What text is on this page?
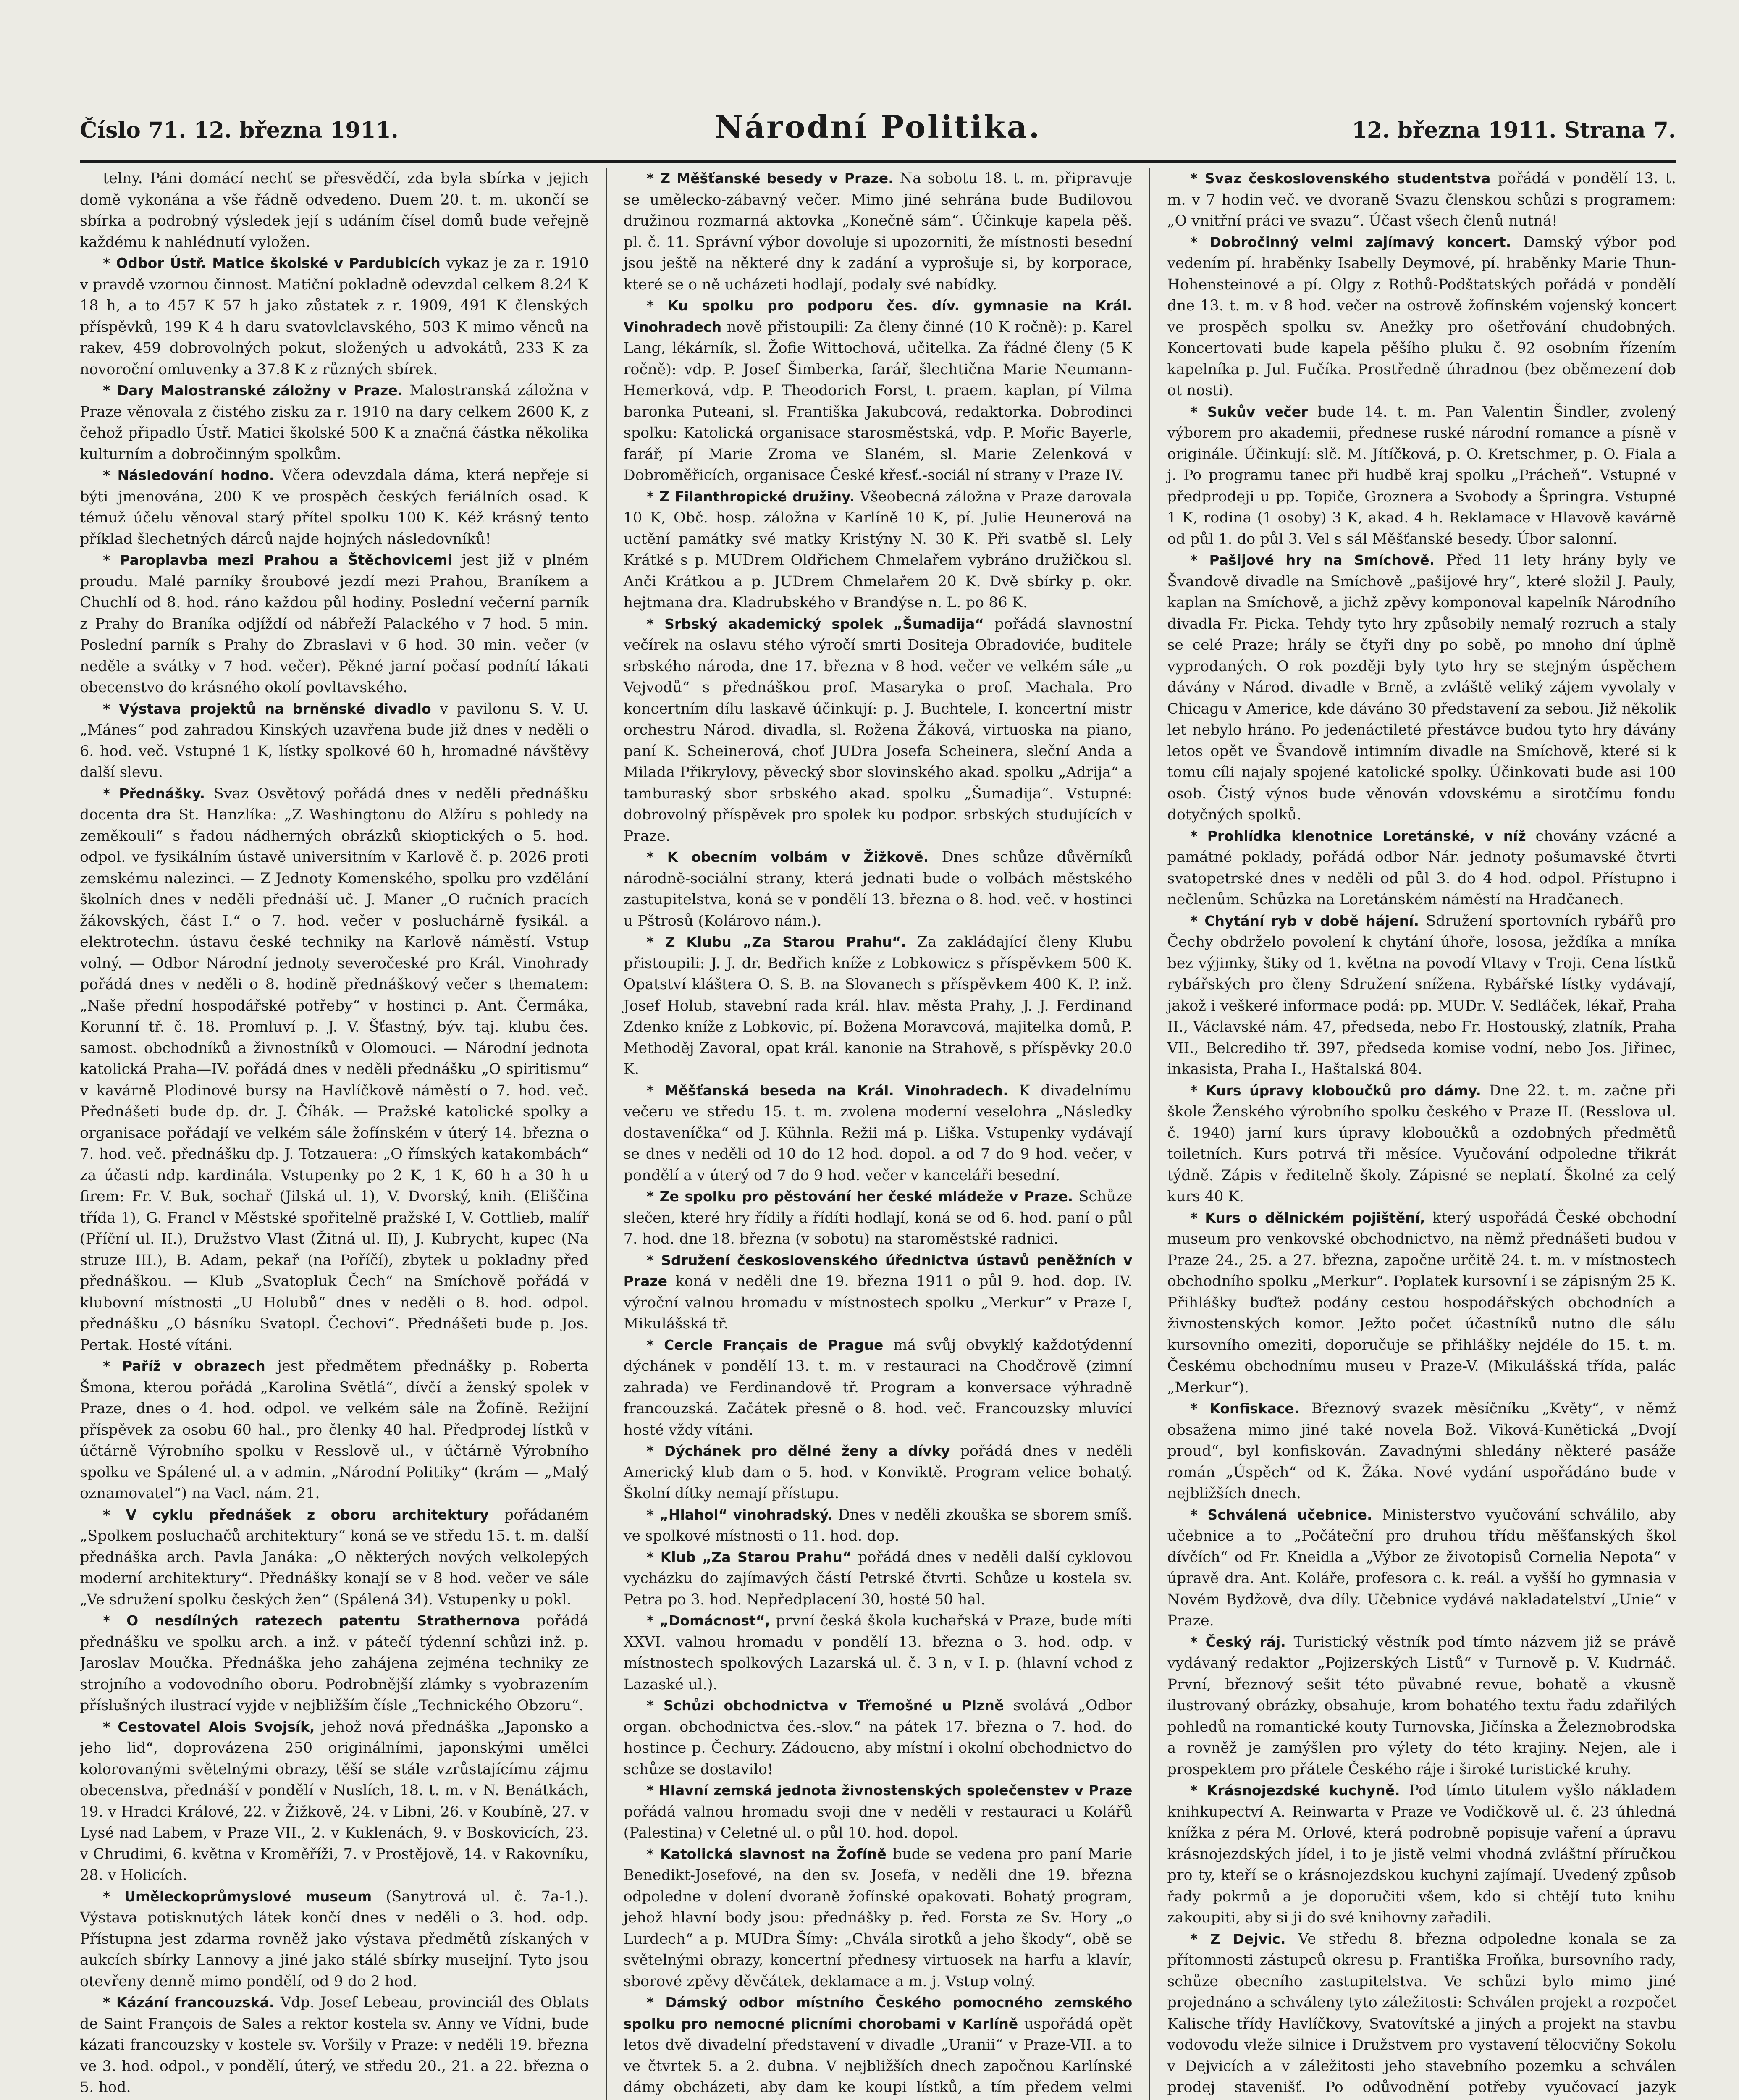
Číslo 71. 12. března 1911.	Národní Politika.	12. března 1911. Strana 7.

telny. Páni domácí nechť se přesvědčí, zda byla sbírka v jejich domě vykonána a vše řádně odvedeno. Duem 20. t. m. ukončí se sbírka a podrobný výsledek její s udáním čísel domů bude veřejně každému k nahlédnutí vyložen.

* Odbor Ústř. Matice školské v Pardubicích vykaz je za r. 1910 v pravdě vzornou činnost. Matiční pokladně odevzdal celkem 8.24 K 18 h, a to 457 K 57 h jako zůstatek z r. 1909, 491 K členských příspěvků, 199 K 4 h daru svatovlclavského, 503 K mimo věnců na rakev, 459 dobrovolných pokut, složených u advokátů, 233 K za novoroční omluvenky a 37.8 K z různých sbírek.

* Dary Malostranské záložny v Praze. Malostranská záložna v Praze věnovala z čistého zisku za r. 1910 na dary celkem 2600 K, z čehož připadlo Ústř. Matici školské 500 K a značná částka několika kulturním a dobročinným spolkům.

* Následování hodno. Včera odevzdala dáma, která nepřeje si býti jmenována, 200 K ve prospěch českých feriálních osad. K témuž účelu věnoval starý přítel spolku 100 K. Kéž krásný tento příklad šlechetných dárců najde hojných následovníků!

* Paroplavba mezi Prahou a Štěchovicemi jest již v plném proudu. Malé parníky šroubové jezdí mezi Prahou, Braníkem a Chuchlí od 8. hod. ráno každou půl hodiny. Poslední večerní parník z Prahy do Braníka odjíždí od nábřeží Palackého v 7 hod. 5 min. Poslední parník s Prahy do Zbraslavi v 6 hod. 30 min. večer (v neděle a svátky v 7 hod. večer). Pěkné jarní počasí podnítí lákati obecenstvo do krásného okolí povltavského.

* Výstava projektů na brněnské divadlo v pavilonu S. V. U. „Mánes“ pod zahradou Kinských uzavřena bude již dnes v neděli o 6. hod. več. Vstupné 1 K, lístky spolkové 60 h, hromadné návštěvy další slevu.

* Přednášky. Svaz Osvětový pořádá dnes v neděli přednášku docenta dra St. Hanzlíka: „Z Washingtonu do Alžíru s pohledy na zeměkouli“ s řadou nádherných obrázků skioptických o 5. hod. odpol. ve fysikálním ústavě universitním v Karlově č. p. 2026 proti zemskému nalezinci. — Z Jednoty Komenského, spolku pro vzdělání školních dnes v neděli přednáší uč. J. Maner „O ručních pracích žákovských, část I.“ o 7. hod. večer v posluchárně fysikál. a elektrotechn. ústavu české techniky na Karlově náměstí. Vstup volný. — Odbor Národní jednoty severočeské pro Král. Vinohrady pořádá dnes v neděli o 8. hodině přednáškový večer s thematem: „Naše přední hospodářské potřeby“ v hostinci p. Ant. Čermáka, Korunní tř. č. 18. Promluví p. J. V. Šťastný, býv. taj. klubu čes. samost. obchodníků a živnostníků v Olomouci. — Národní jednota katolická Praha—IV. pořádá dnes v neděli přednášku „O spiritismu“ v kavárně Plodinové bursy na Havlíčkově náměstí o 7. hod. več. Přednášeti bude dp. dr. J. Číhák. — Pražské katolické spolky a organisace pořádají ve velkém sále žofínském v úterý 14. března o 7. hod. več. přednášku dp. J. Totzauera: „O římských katakombách“ za účasti ndp. kardinála. Vstupenky po 2 K, 1 K, 60 h a 30 h u firem: Fr. V. Buk, sochař (Jilská ul. 1), V. Dvorský, knih. (Eliščina třída 1), G. Francl v Městské spořitelně pražské I, V. Gottlieb, malíř (Příční ul. II.), Družstvo Vlast (Žitná ul. II), J. Kubrycht, kupec (Na struze III.), B. Adam, pekař (na Poříčí), zbytek u pokladny před přednáškou. — Klub „Svatopluk Čech“ na Smíchově pořádá v klubovní místnosti „U Holubů“ dnes v neděli o 8. hod. odpol. přednášku „O básníku Svatopl. Čechovi“. Přednášeti bude p. Jos. Pertak. Hosté vítáni.

* Paříž v obrazech jest předmětem přednášky p. Roberta Šmona, kterou pořádá „Karolina Světlá“, dívčí a ženský spolek v Praze, dnes o 4. hod. odpol. ve velkém sále na Žofíně. Režijní příspěvek za osobu 60 hal., pro členky 40 hal. Předprodej lístků v účtárně Výrobního spolku v Resslově ul., v účtárně Výrobního spolku ve Spálené ul. a v admin. „Národní Politiky“ (krám — „Malý oznamovatel“) na Vacl. nám. 21.

* V cyklu přednášek z oboru architektury pořádaném „Spolkem posluchačů architektury“ koná se ve středu 15. t. m. další přednáška arch. Pavla Janáka: „O některých nových velkolepých moderní architektury“. Přednášky konají se v 8 hod. večer ve sále „Ve sdružení spolku českých žen“ (Spálená 34). Vstupenky u pokl.

* O nesdílných ratezech patentu Strathernova pořádá přednášku ve spolku arch. a inž. v pátečí týdenní schůzi inž. p. Jaroslav Moučka. Přednáška jeho zahájena zejména techniky ze strojního a vodovodního oboru. Podrobnější zlámky s vyobrazením příslušných ilustrací vyjde v nejbližším čísle „Technického Obzoru“.

* Cestovatel Alois Svojsík, jehož nová přednáška „Japonsko a jeho lid“, doprovázena 250 originálními, japonskými umělci kolorovanými světelnými obrazy, těší se stále vzrůstajícímu zájmu obecenstva, přednáší v pondělí v Nuslích, 18. t. m. v N. Benátkách, 19. v Hradci Králové, 22. v Žižkově, 24. v Libni, 26. v Koubíně, 27. v Lysé nad Labem, v Praze VII., 2. v Kuklenách, 9. v Boskovicích, 23. v Chrudimi, 6. května v Kroměříži, 7. v Prostějově, 14. v Rakovníku, 28. v Holicích.

* Uměleckoprůmyslové museum (Sanytrová ul. č. 7a-1.). Výstava potisknutých látek končí dnes v neděli o 3. hod. odp. Přístupna jest zdarma rovněž jako výstava předmětů získaných v aukcích sbírky Lannovy a jiné jako stálé sbírky museijní. Tyto jsou otevřeny denně mimo pondělí, od 9 do 2 hod.

* Kázání francouzská. Vdp. Josef Lebeau, provinciál des Oblats de Saint François de Sales a rektor kostela sv. Anny ve Vídni, bude kázati francouzsky v kostele sv. Voršily v Praze: v neděli 19. března ve 3. hod. odpol., v pondělí, úterý, ve středu 20., 21. a 22. března o 5. hod.

* Z Měšťanské besedy v Praze. Na sobotu 18. t. m. připravuje se umělecko-zábavný večer. Mimo jiné sehrána bude Budilovou družinou rozmarná aktovka „Konečně sám“. Účinkuje kapela pěš. pl. č. 11. Správní výbor dovoluje si upozorniti, že místnosti besední jsou ještě na některé dny k zadání a vyprošuje si, by korporace, které se o ně ucházeti hodlají, podaly své nabídky.

* Ku spolku pro podporu čes. dív. gymnasie na Král. Vinohradech nově přistoupili: Za členy činné (10 K ročně): p. Karel Lang, lékárník, sl. Žofie Wittochová, učitelka. Za řádné členy (5 K ročně): vdp. P. Josef Šimberka, farář, šlechtična Marie Neumann-Hemerková, vdp. P. Theodorich Forst, t. praem. kaplan, pí Vilma baronka Puteani, sl. Františka Jakubcová, redaktorka. Dobrodinci spolku: Katolická organisace starosměstská, vdp. P. Mořic Bayerle, farář, pí Marie Zroma ve Slaném, sl. Marie Zelenková v Dobroměřicích, organisace České křesť.-sociál ní strany v Praze IV.

* Z Filanthropické družiny. Všeobecná záložna v Praze darovala 10 K, Obč. hosp. záložna v Karlíně 10 K, pí. Julie Heunerová na uctění památky své matky Kristýny N. 30 K. Při svatbě sl. Lely Krátké s p. MUDrem Oldřichem Chmelařem vybráno družičkou sl. Anči Krátkou a p. JUDrem Chmelařem 20 K. Dvě sbírky p. okr. hejtmana dra. Kladrubského v Brandýse n. L. po 86 K.

* Srbský akademický spolek „Šumadija“ pořádá slavnostní večírek na oslavu stého výročí smrti Dositeja Obradoviće, buditele srbského národa, dne 17. března v 8 hod. večer ve velkém sále „u Vejvodů“ s přednáškou prof. Masaryka o prof. Machala. Pro koncertním dílu laskavě účinkují: p. J. Buchtele, I. koncertní mistr orchestru Národ. divadla, sl. Rožena Žáková, virtuoska na piano, paní K. Scheinerová, choť JUDra Josefa Scheinera, sleční Anda a Milada Přikrylovy, pěvecký sbor slovinského akad. spolku „Adrija“ a tamburaský sbor srbského akad. spolku „Šumadija“. Vstupné: dobrovolný příspěvek pro spolek ku podpor. srbských studujících v Praze.

* K obecním volbám v Žižkově. Dnes schůze důvěrníků národně-sociální strany, která jednati bude o volbách městského zastupitelstva, koná se v pondělí 13. března o 8. hod. več. v hostinci u Pštrosů (Kolárovo nám.).

* Z Klubu „Za Starou Prahu“. Za zakládající členy Klubu přistoupili: J. J. dr. Bedřich kníže z Lobkowicz s příspěvkem 500 K. Opatství kláštera O. S. B. na Slovanech s příspěvkem 400 K. P. inž. Josef Holub, stavební rada král. hlav. města Prahy, J. J. Ferdinand Zdenko kníže z Lobkovic, pí. Božena Moravcová, majitelka domů, P. Methoděj Zavoral, opat král. kanonie na Strahově, s příspěvky 20.0 K.

* Měšťanská beseda na Král. Vinohradech. K divadelnímu večeru ve středu 15. t. m. zvolena moderní veselohra „Následky dostaveníčka“ od J. Kühnla. Režii má p. Liška. Vstupenky vydávají se dnes v neděli od 10 do 12 hod. dopol. a od 7 do 9 hod. večer, v pondělí a v úterý od 7 do 9 hod. večer v kanceláři besední.

* Ze spolku pro pěstování her české mládeže v Praze. Schůze slečen, které hry řídily a řídíti hodlají, koná se od 6. hod. paní o půl 7. hod. dne 18. března (v sobotu) na staroměstské radnici.

* Sdružení československého úřednictva ústavů peněžních v Praze koná v neděli dne 19. března 1911 o půl 9. hod. dop. IV. výroční valnou hromadu v místnostech spolku „Merkur“ v Praze I, Mikulášská tř.

* Cercle Français de Prague má svůj obvyklý každotýdenní dýchánek v pondělí 13. t. m. v restauraci na Chodčrově (zimní zahrada) ve Ferdinandově tř. Program a konversace výhradně francouzská. Začátek přesně o 8. hod. več. Francouzsky mluvící hosté vždy vítáni.

* Dýchánek pro dělné ženy a dívky pořádá dnes v neděli Americký klub dam o 5. hod. v Konviktě. Program velice bohatý. Školní dítky nemají přístupu.

* „Hlahol“ vinohradský. Dnes v neděli zkouška se sborem smíš. ve spolkové místnosti o 11. hod. dop.

* Klub „Za Starou Prahu“ pořádá dnes v neděli další cyklovou vycházku do zajímavých částí Petrské čtvrti. Schůze u kostela sv. Petra po 3. hod. Nepředplacení 30, hosté 50 hal.

* „Domácnost“, první česká škola kuchařská v Praze, bude míti XXVI. valnou hromadu v pondělí 13. března o 3. hod. odp. v místnostech spolkových Lazarská ul. č. 3 n, v I. p. (hlavní vchod z Lazaské ul.).

* Schůzi obchodnictva v Třemošné u Plzně svolává „Odbor organ. obchodnictva čes.-slov.“ na pátek 17. března o 7. hod. do hostince p. Čechury. Zádoucno, aby místní i okolní obchodnictvo do schůze se dostavilo!

* Hlavní zemská jednota živnostenských společenstev v Praze pořádá valnou hromadu svoji dne v neděli v restauraci u Kolářů (Palestina) v Celetné ul. o půl 10. hod. dopol.

* Katolická slavnost na Žofíně bude se vedena pro paní Marie Benedikt-Josefové, na den sv. Josefa, v neděli dne 19. března odpoledne v dolení dvoraně žofínské opakovati. Bohatý program, jehož hlavní body jsou: přednášky p. řed. Forsta ze Sv. Hory „o Lurdech“ a p. MUDra Šímy: „Chvála sirotků a jeho škody“, obě se světelnými obrazy, koncertní přednesy virtuosek na harfu a klavír, sborové zpěvy děvčátek, deklamace a m. j. Vstup volný.

* Dámský odbor místního Českého pomocného zemského spolku pro nemocné plicními chorobami v Karlíně uspořádá opět letos dvě divadelní představení v divadle „Uranii“ v Praze-VII. a to ve čtvrtek 5. a 2. dubna. V nejbližších dnech započnou Karlínské dámy obcházeti, aby dam ke koupi lístků, a tím předem velmi

* Svaz československého studentstva pořádá v pondělí 13. t. m. v 7 hodin več. ve dvoraně Svazu členskou schůzi s programem: „O vnitřní práci ve svazu“. Účast všech členů nutná!

* Dobročinný velmi zajímavý koncert. Damský výbor pod vedením pí. hraběnky Isabelly Deymové, pí. hraběnky Marie Thun-Hohensteinové a pí. Olgy z Rothů-Podštatských pořádá v pondělí dne 13. t. m. v 8 hod. večer na ostrově žofínském vojenský koncert ve prospěch spolku sv. Anežky pro ošetřování chudobných. Koncertovati bude kapela pěšího pluku č. 92 osobním řízením kapelníka p. Jul. Fučíka. Prostředně úhradnou (bez oběmezení dob ot nosti).

* Sukův večer bude 14. t. m. Pan Valentin Šindler, zvolený výborem pro akademii, přednese ruské národní romance a písně v originále. Účinkují: slč. M. Jítíčková, p. O. Kretschmer, p. O. Fiala a j. Po programu tanec při hudbě kraj spolku „Prácheň“. Vstupné v předprodeji u pp. Topiče, Groznera a Svobody a Špringra. Vstupné 1 K, rodina (1 osoby) 3 K, akad. 4 h. Reklamace v Hlavově kavárně od půl 1. do půl 3. Vel s sál Měšťanské besedy. Úbor salonní.

* Pašijové hry na Smíchově. Před 11 lety hrány byly ve Švandově divadle na Smíchově „pašijové hry“, které složil J. Pauly, kaplan na Smíchově, a jichž zpěvy komponoval kapelník Národního divadla Fr. Picka. Tehdy tyto hry způsobily nemalý rozruch a staly se celé Praze; hrály se čtyři dny po sobě, po mnoho dní úplně vyprodaných. O rok později byly tyto hry se stejným úspěchem dávány v Národ. divadle v Brně, a zvláště veliký zájem vyvolaly v Chicagu v Americe, kde dáváno 30 představení za sebou. Již několik let nebylo hráno. Po jedenáctileté přestávce budou tyto hry dávány letos opět ve Švandově intimním divadle na Smíchově, které si k tomu cíli najaly spojené katolické spolky. Účinkovati bude asi 100 osob. Čistý výnos bude věnován vdovskému a sirotčímu fondu dotyčných spolků.

* Prohlídka klenotnice Loretánské, v níž chovány vzácné a památné poklady, pořádá odbor Nár. jednoty pošumavské čtvrti svatopetrské dnes v neděli od půl 3. do 4 hod. odpol. Přístupno i nečlenům. Schůzka na Loretánském náměstí na Hradčanech.

* Chytání ryb v době hájení. Sdružení sportovních rybářů pro Čechy obdrželo povolení k chytání úhoře, lososa, ježdíka a mníka bez výjimky, štiky od 1. května na povodí Vltavy v Troji. Cena lístků rybářských pro členy Sdružení snížena. Rybářské lístky vydávají, jakož i veškeré informace podá: pp. MUDr. V. Sedláček, lékař, Praha II., Václavské nám. 47, předseda, nebo Fr. Hostouský, zlatník, Praha VII., Belcrediho tř. 397, předseda komise vodní, nebo Jos. Jiřinec, inkasista, Praha I., Haštalská 804.

* Kurs úpravy kloboučků pro dámy. Dne 22. t. m. začne při škole Ženského výrobního spolku českého v Praze II. (Resslova ul. č. 1940) jarní kurs úpravy kloboučků a ozdobných předmětů toiletních. Kurs potrvá tři měsíce. Vyučování odpoledne třikrát týdně. Zápis v ředitelně školy. Zápisné se neplatí. Školné za celý kurs 40 K.

* Kurs o dělnickém pojištění, který uspořádá České obchodní museum pro venkovské obchodnictvo, na němž přednášeti budou v Praze 24., 25. a 27. března, započne určitě 24. t. m. v místnostech obchodního spolku „Merkur“. Poplatek kursovní i se zápisným 25 K. Přihlášky buďtež podány cestou hospodářských obchodních a živnostenských komor. Ježto počet účastníků nutno dle sálu kursovního omeziti, doporučuje se přihlášky nejdéle do 15. t. m. Českému obchodnímu museu v Praze-V. (Mikulášská třída, palác „Merkur“).

* Konfiskace. Březnový svazek měsíčníku „Květy“, v němž obsažena mimo jiné také novela Bož. Viková-Kunětická „Dvojí proud“, byl konfiskován. Zavadnými shledány některé pasáže román „Úspěch“ od K. Žáka. Nové vydání uspořádáno bude v nejbližších dnech.

* Schválená učebnice. Ministerstvo vyučování schválilo, aby učebnice a to „Počáteční pro druhou třídu měšťanských škol dívčích“ od Fr. Kneidla a „Výbor ze životopisů Cornelia Nepota“ v úpravě dra. Ant. Koláře, profesora c. k. reál. a vyšší ho gymnasia v Novém Bydžově, dva díly. Učebnice vydává nakladatelství „Unie“ v Praze.

* Český ráj. Turistický věstník pod tímto názvem již se právě vydávaný redaktor „Pojizerských Listů“ v Turnově p. V. Kudrnáč. První, březnový sešit této půvabné revue, bohatě a vkusně ilustrovaný obrázky, obsahuje, krom bohatého textu řadu zdařilých pohledů na romantické kouty Turnovska, Jičínska a Železnobrodska a rovněž je zamýšlen pro výlety do této krajiny. Nejen, ale i prospektem pro přátele Českého ráje i široké turistické kruhy.

* Krásnojezdské kuchyně. Pod tímto titulem vyšlo nákladem knihkupectví A. Reinwarta v Praze ve Vodičkově ul. č. 23 úhledná knížka z péra M. Orlové, která podrobně popisuje vaření a úpravu krásnojezdských jídel, i to je jistě velmi vhodná zvláštní příručkou pro ty, kteří se o krásnojezdskou kuchyni zajímají. Uvedený způsob řady pokrmů a je doporučiti všem, kdo si chtějí tuto knihu zakoupiti, aby si ji do své knihovny zařadili.

* Z Dejvic. Ve středu 8. března odpoledne konala se za přítomnosti zástupců okresu p. Františka Froňka, bursovního rady, schůze obecního zastupitelstva. Ve schůzi bylo mimo jiné projednáno a schváleny tyto záležitosti: Schválen projekt a rozpočet Kalische třídy Havlíčkovy, Svatovítské a jiných a projekt na stavbu vodovodu vleže silnice i Družstvem pro vystavení tělocvičny Sokolu v Dejvicích a v záležitosti jeho stavebního pozemku a schválen prodej stavenišť. Po odůvodnění potřeby vyučovací jazyk
